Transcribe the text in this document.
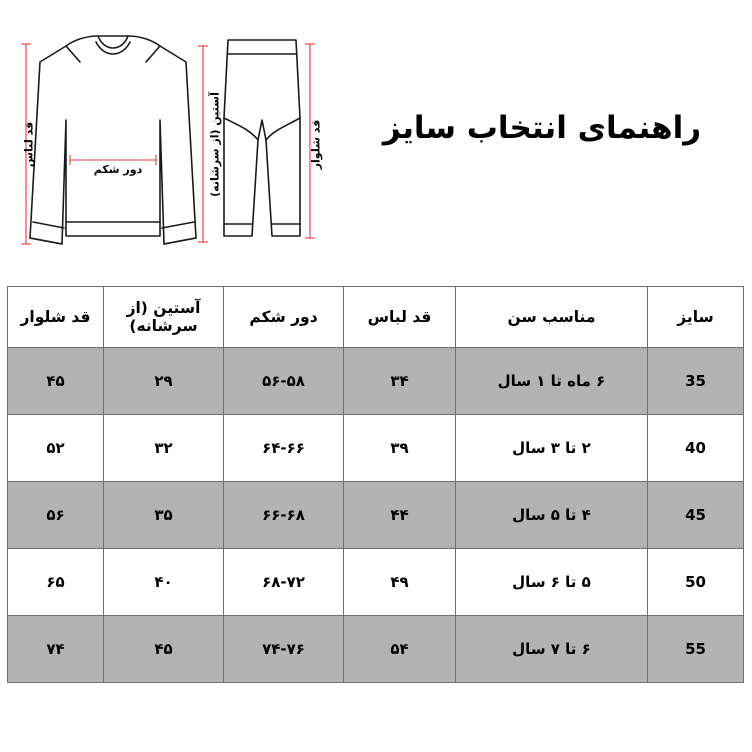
راهنمای انتخاب سایز
قد لباس	آستین (از سرشانه)
دور شکم
قد شلوار
سایز	مناسب سن	قد لباس	دور شکم	آستین (از سرشانه)	قد شلوار
35	۶ ماه تا ۱ سال	۳۴	۵۶-۵۸	۲۹	۴۵
40	۲ تا ۳ سال	۳۹	۶۴-۶۶	۳۲	۵۲
45	۴ تا ۵ سال	۴۴	۶۶-۶۸	۳۵	۵۶
50	۵ تا ۶ سال	۴۹	۶۸-۷۲	۴۰	۶۵
55	۶ تا ۷ سال	۵۴	۷۴-۷۶	۴۵	۷۴
